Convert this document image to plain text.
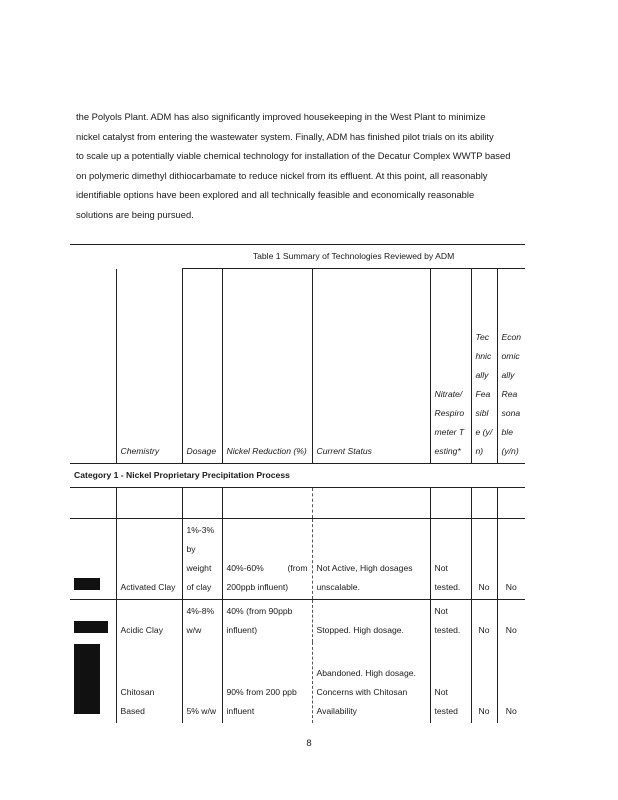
the Polyols Plant. ADM has also significantly improved housekeeping in the West Plant to minimize
nickel catalyst from entering the wastewater system. Finally, ADM has finished pilot trials on its ability
to scale up a potentially viable chemical technology for installation of the Decatur Complex WWTP based
on polymeric dimethyl dithiocarbamate to reduce nickel from its effluent. At this point, all reasonably
identifiable options have been explored and all technically feasible and economically reasonable
solutions are being pursued.
		Table 1 Summary of Technologies Reviewed by ADM					
	Chemistry	Dosage	Nickel Reduction (%)	Current Status	Nitrate/Respirometer Testing*	Technically Feasible (y/n)	Economically Reasonable (y/n)
Category 1 - Nickel Proprietary Precipitation Process							

	Activated Clay	1%-3% by weight of clay	40%-60% (from 200ppb influent)	Not Active, High dosages unscalable.	Not tested.	No	No
	Acidic Clay	4%-8% w/w	40% (from 90ppb influent)	Stopped. High dosage.	Not tested.	No	No
	Chitosan Based	5% w/w	90% from 200 ppb influent	Abandoned. High dosage. Concerns with Chitosan Availability	Not tested	No	No
8
